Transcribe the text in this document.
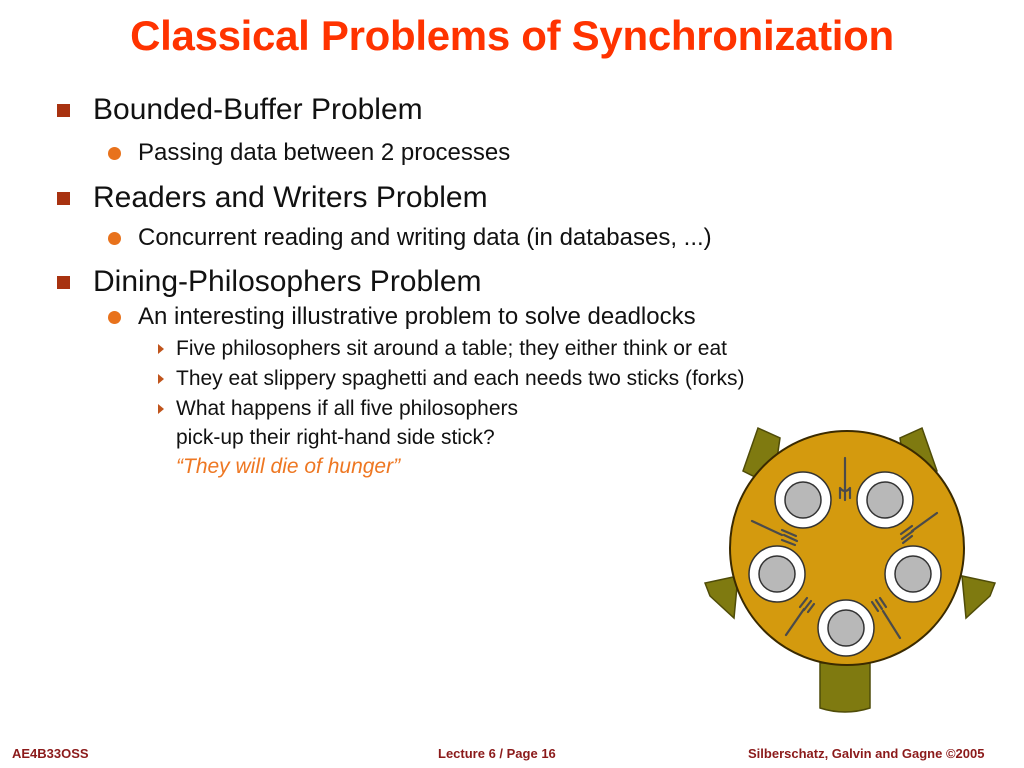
Classical Problems of Synchronization
Bounded-Buffer Problem
Passing data between 2 processes
Readers and Writers Problem
Concurrent reading and writing data (in databases, ...)
Dining-Philosophers Problem
An interesting illustrative problem to solve deadlocks
Five philosophers sit around a table; they either think or eat
They eat slippery spaghetti and each needs two sticks (forks)
What happens if all five philosophers
pick-up their right-hand side stick?
“They will die of hunger”
AE4B33OSS	Lecture 6 / Page 16	Silberschatz, Galvin and Gagne ©2005
